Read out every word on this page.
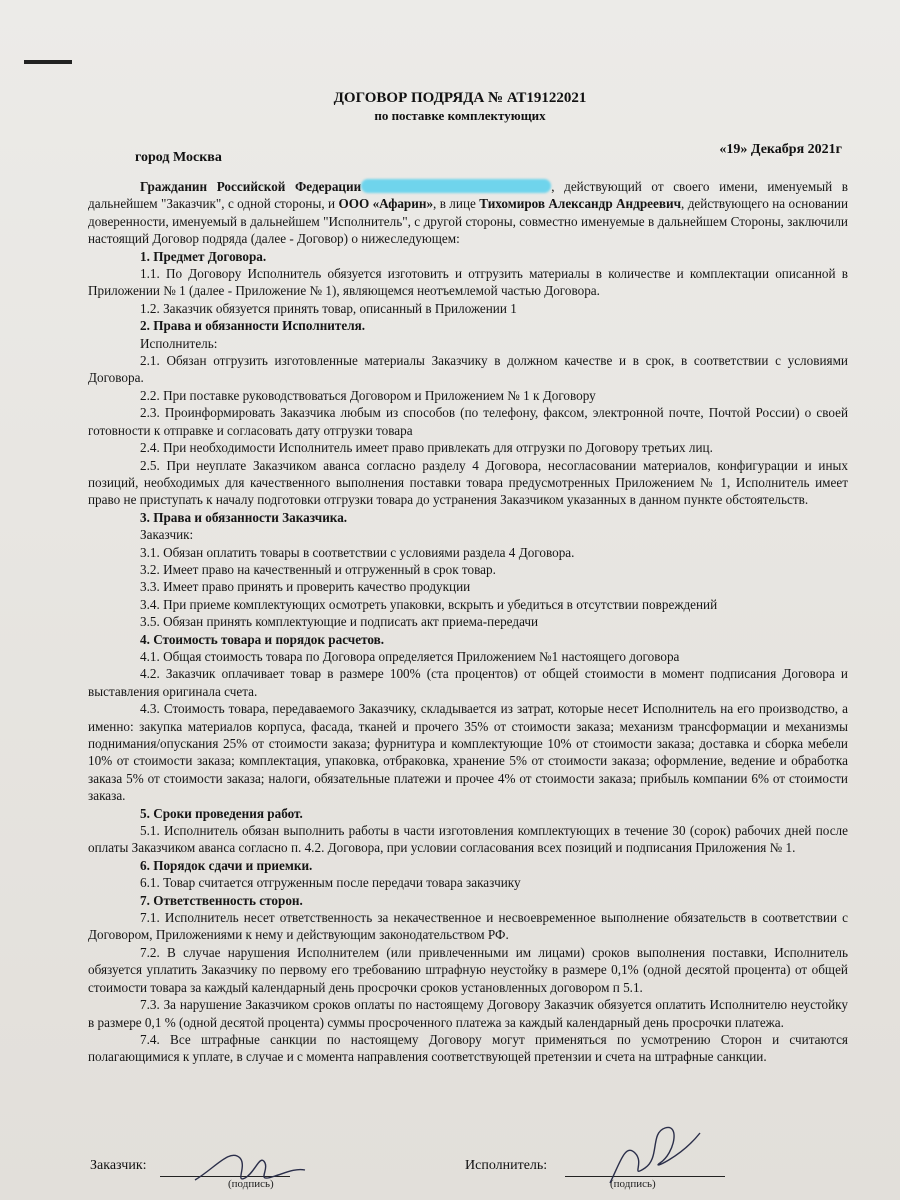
ДОГОВОР ПОДРЯДА № АТ19122021
по поставке комплектующих
город Москва
«19» Декабря 2021г

Гражданин Российской Федерации	, действующий от своего имени, именуемый в дальнейшем "Заказчик", с одной стороны, и ООО «Афарин», в лице Тихомиров Александр Андреевич, действующего на основании доверенности, именуемый в дальнейшем "Исполнитель", с другой стороны, совместно именуемые в дальнейшем Стороны, заключили настоящий Договор подряда (далее - Договор) о нижеследующем:

1. Предмет Договора.

1.1. По Договору Исполнитель обязуется изготовить и отгрузить материалы в количестве и комплектации описанной в Приложении № 1 (далее - Приложение № 1), являющемся неотъемлемой частью Договора.

1.2. Заказчик обязуется принять товар, описанный в Приложении 1

2. Права и обязанности Исполнителя.

Исполнитель:

2.1. Обязан отгрузить изготовленные материалы Заказчику в должном качестве и в срок, в соответствии с условиями Договора.

2.2. При поставке руководствоваться Договором и Приложением № 1 к Договору

2.3. Проинформировать Заказчика любым из способов (по телефону, факсом, электронной почте, Почтой России) о своей готовности к отправке и согласовать дату отгрузки товара

2.4. При необходимости Исполнитель имеет право привлекать для отгрузки по Договору третьих лиц.

2.5. При неуплате Заказчиком аванса согласно разделу 4 Договора, несогласовании материалов, конфигурации и иных позиций, необходимых для качественного выполнения поставки товара предусмотренных Приложением № 1, Исполнитель имеет право не приступать к началу подготовки отгрузки товара до устранения Заказчиком указанных в данном пункте обстоятельств.

3. Права и обязанности Заказчика.

Заказчик:

3.1. Обязан оплатить товары в соответствии с условиями раздела 4 Договора.

3.2. Имеет право на качественный и отгруженный в срок товар.

3.3. Имеет право принять и проверить качество продукции

3.4. При приеме комплектующих осмотреть упаковки, вскрыть и убедиться в отсутствии повреждений

3.5. Обязан принять комплектующие и подписать акт приема-передачи

4. Стоимость товара и порядок расчетов.

4.1. Общая стоимость товара по Договора определяется Приложением №1 настоящего договора

4.2. Заказчик оплачивает товар в размере 100% (ста процентов) от общей стоимости в момент подписания Договора и выставления оригинала счета.

4.3. Стоимость товара, передаваемого Заказчику, складывается из затрат, которые несет Исполнитель на его производство, а именно: закупка материалов корпуса, фасада, тканей и прочего 35% от стоимости заказа; механизм трансформации и механизмы поднимания/опускания 25% от стоимости заказа; фурнитура и комплектующие 10% от стоимости заказа; доставка и сборка мебели 10% от стоимости заказа; комплектация, упаковка, отбраковка, хранение 5% от стоимости заказа; оформление, ведение и обработка заказа 5% от стоимости заказа; налоги, обязательные платежи и прочее 4% от стоимости заказа; прибыль компании 6% от стоимости заказа.

5. Сроки проведения работ.

5.1. Исполнитель обязан выполнить работы в части изготовления комплектующих в течение 30 (сорок) рабочих дней после оплаты Заказчиком аванса согласно п. 4.2. Договора, при условии согласования всех позиций и подписания Приложения № 1.

6. Порядок сдачи и приемки.

6.1. Товар считается отгруженным после передачи товара заказчику

7. Ответственность сторон.

7.1. Исполнитель несет ответственность за некачественное и несвоевременное выполнение обязательств в соответствии с Договором, Приложениями к нему и действующим законодательством РФ.

7.2. В случае нарушения Исполнителем (или привлеченными им лицами) сроков выполнения поставки, Исполнитель обязуется уплатить Заказчику по первому его требованию штрафную неустойку в размере 0,1% (одной десятой процента) от общей стоимости товара за каждый календарный день просрочки сроков установленных договором п 5.1.

7.3. За нарушение Заказчиком сроков оплаты по настоящему Договору Заказчик обязуется оплатить Исполнителю неустойку в размере 0,1 % (одной десятой процента) суммы просроченного платежа за каждый календарный день просрочки платежа.

7.4. Все штрафные санкции по настоящему Договору могут применяться по усмотрению Сторон и считаются полагающимися к уплате, в случае и с момента направления соответствующей претензии и счета на штрафные санкции.

Заказчик:
(подпись)
Исполнитель:
(подпись)
